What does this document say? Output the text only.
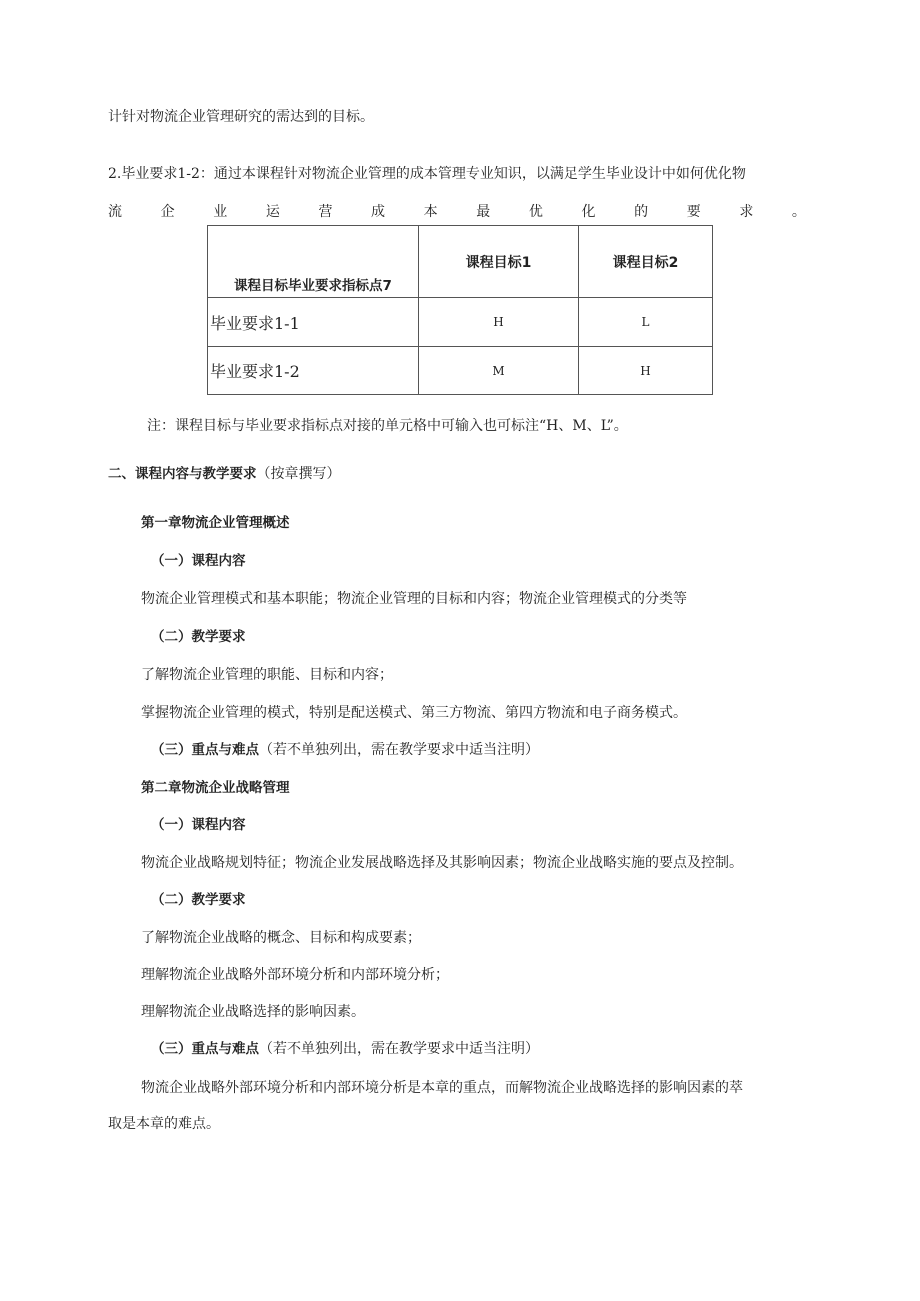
计针对物流企业管理研究的需达到的目标。
2.毕业要求1-2：通过本课程针对物流企业管理的成本管理专业知识，以满足学生毕业设计中如何优化物
流	企	业	运	营	成	本	最	优	化	的	要	求	。
课程目标毕业要求指标点7	课程目标1	课程目标2
毕业要求1-1	H	L
毕业要求1-2	M	H
注：课程目标与毕业要求指标点对接的单元格中可输入也可标注“H、M、L”。
二、课程内容与教学要求（按章撰写）
第一章物流企业管理概述
（一）课程内容
物流企业管理模式和基本职能；物流企业管理的目标和内容；物流企业管理模式的分类等
（二）教学要求
了解物流企业管理的职能、目标和内容；
掌握物流企业管理的模式，特别是配送模式、第三方物流、第四方物流和电子商务模式。
（三）重点与难点（若不单独列出，需在教学要求中适当注明）
第二章物流企业战略管理
（一）课程内容
物流企业战略规划特征；物流企业发展战略选择及其影响因素；物流企业战略实施的要点及控制。
（二）教学要求
了解物流企业战略的概念、目标和构成要素；
理解物流企业战略外部环境分析和内部环境分析；
理解物流企业战略选择的影响因素。
（三）重点与难点（若不单独列出，需在教学要求中适当注明）
物流企业战略外部环境分析和内部环境分析是本章的重点，而解物流企业战略选择的影响因素的萃
取是本章的难点。
